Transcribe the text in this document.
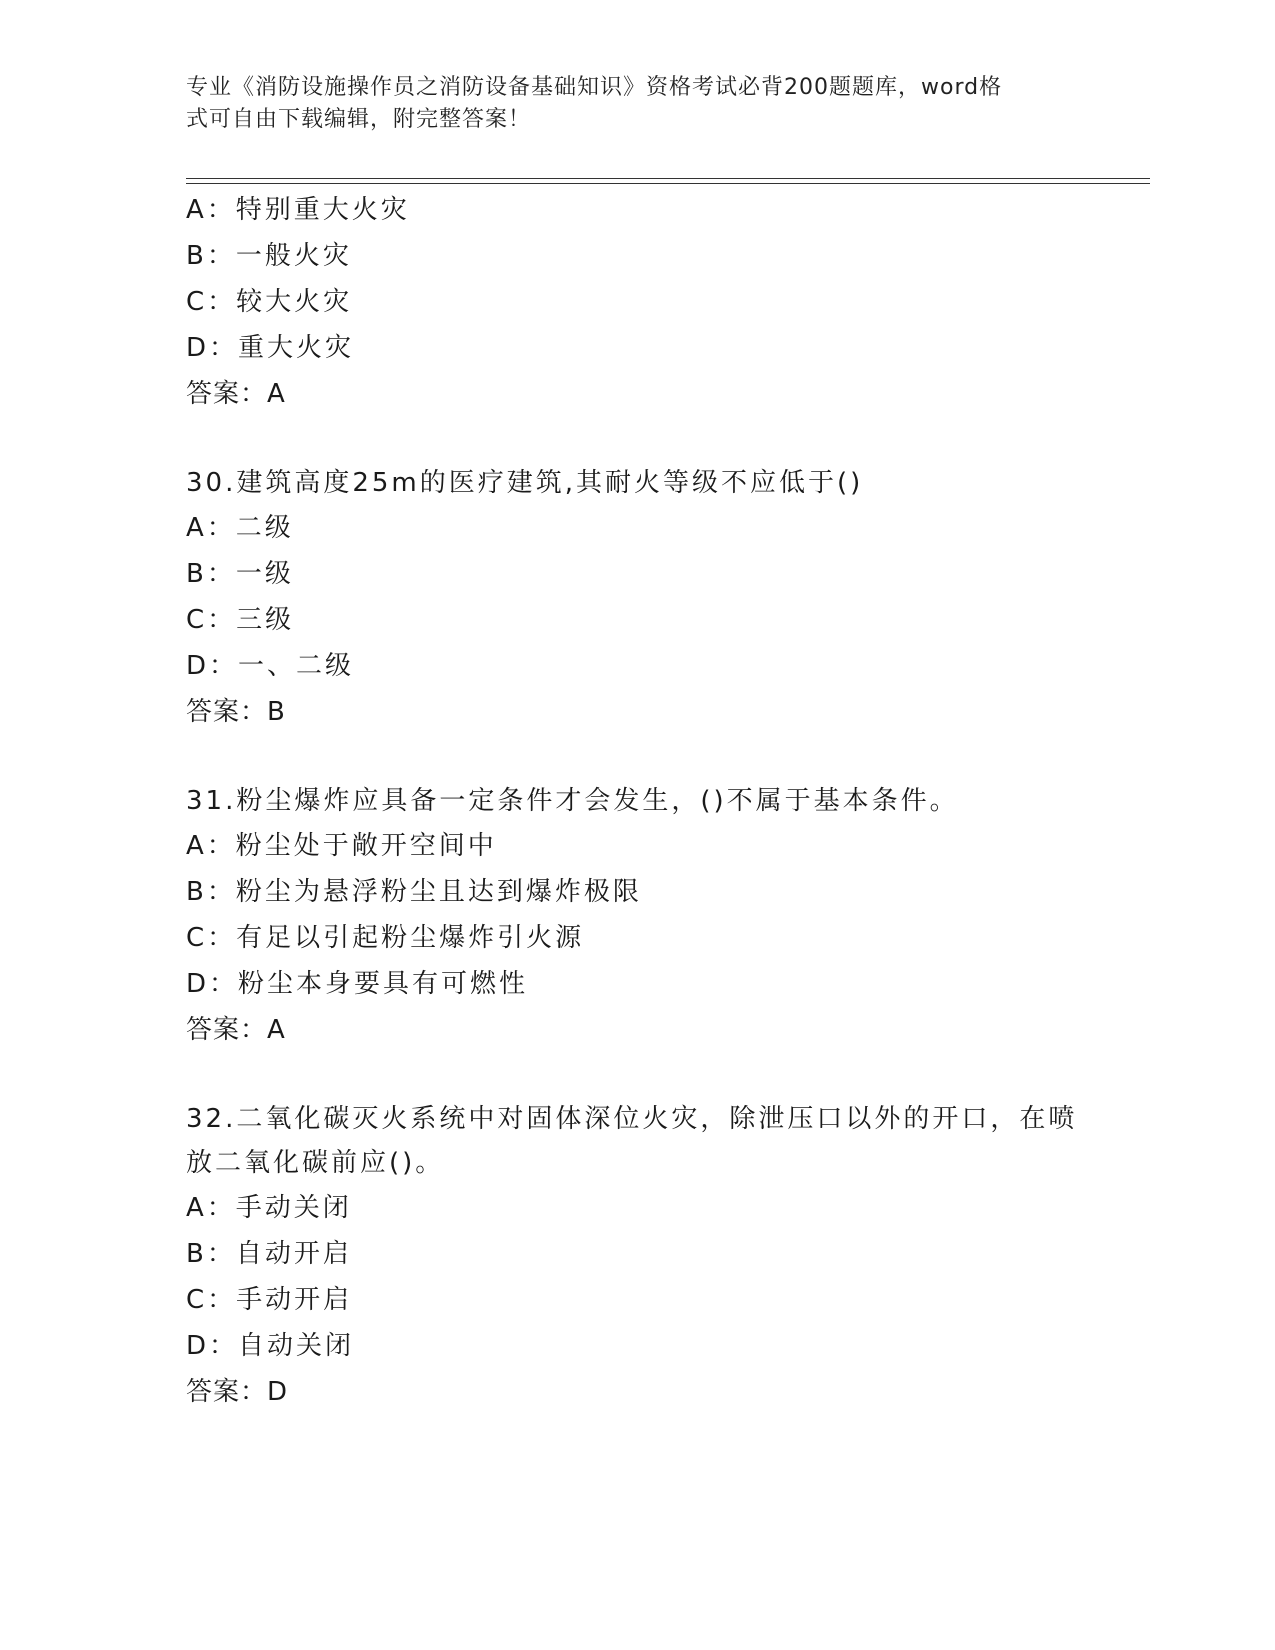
专业《消防设施操作员之消防设备基础知识》资格考试必背200题题库，word格
式可自由下载编辑，附完整答案！
A：特别重大火灾
B：一般火灾
C：较大火灾
D：重大火灾
答案：A
30.建筑高度25m的医疗建筑,其耐火等级不应低于()
A：二级
B：一级
C：三级
D：一、二级
答案：B
31.粉尘爆炸应具备一定条件才会发生，()不属于基本条件。
A：粉尘处于敞开空间中
B：粉尘为悬浮粉尘且达到爆炸极限
C：有足以引起粉尘爆炸引火源
D：粉尘本身要具有可燃性
答案：A
32.二氧化碳灭火系统中对固体深位火灾，除泄压口以外的开口，在喷
放二氧化碳前应()。
A：手动关闭
B：自动开启
C：手动开启
D：自动关闭
答案：D
